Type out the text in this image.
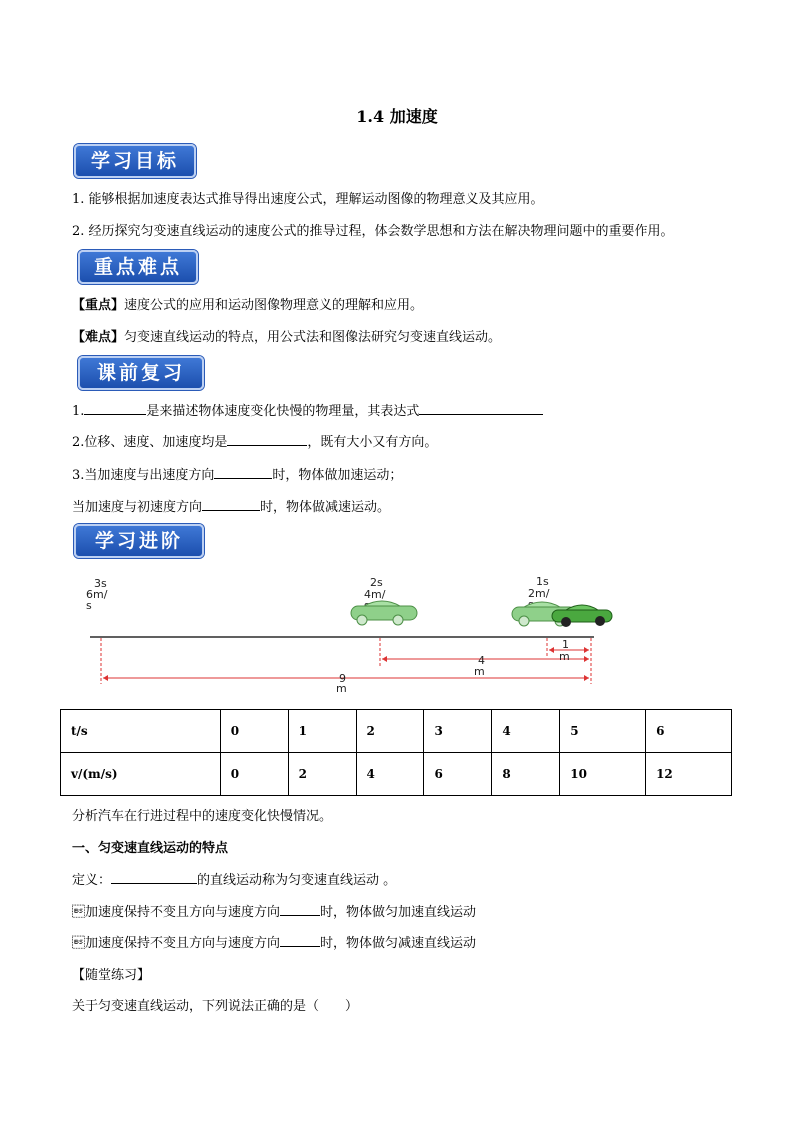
1.4 加速度
学习目标
1. 能够根据加速度表达式推导得出速度公式，理解运动图像的物理意义及其应用。
2. 经历探究匀变速直线运动的速度公式的推导过程，体会数学思想和方法在解决物理问题中的重要作用。
重点难点
【重点】速度公式的应用和运动图像物理意义的理解和应用。
【难点】匀变速直线运动的特点，用公式法和图像法研究匀变速直线运动。
课前复习
1.	是来描述物体速度变化快慢的物理量，其表达式
2.位移、速度、加速度均是	，既有大小又有方向。
3.当加速度与出速度方向	时，物体做加速运动；
当加速度与初速度方向	时，物体做减速运动。
学习进阶
3s
6m/
s
2s
4m/
1s
2m/
1
m
4
m
9
m
t/s	0	1	2	3	4	5	6
v/(m/s)	0	2	4	6	8	10	12
分析汽车在行进过程中的速度变化快慢情况。
一、匀变速直线运动的特点
定义：	的直线运动称为匀变速直线运动 。
加速度保持不变且方向与速度方向	时，物体做匀加速直线运动
加速度保持不变且方向与速度方向	时，物体做匀减速直线运动
【随堂练习】
关于匀变速直线运动，下列说法正确的是（　　）
